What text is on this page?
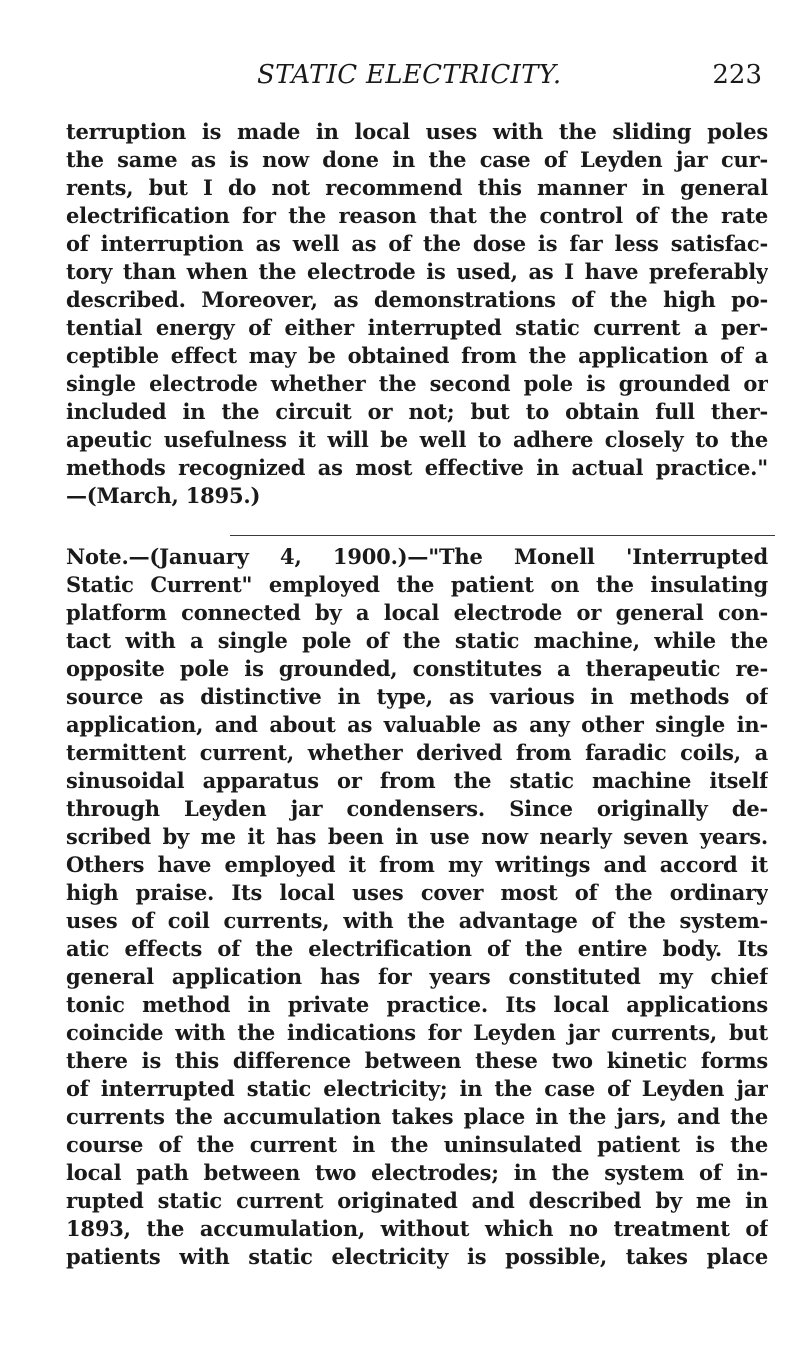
STATIC ELECTRICITY.	223
terruption is made in local uses with the sliding poles
the same as is now done in the case of Leyden jar cur-
rents, but I do not recommend this manner in general
electrification for the reason that the control of the rate
of interruption as well as of the dose is far less satisfac-
tory than when the electrode is used, as I have preferably
described. Moreover, as demonstrations of the high po-
tential energy of either interrupted static current a per-
ceptible effect may be obtained from the application of a
single electrode whether the second pole is grounded or
included in the circuit or not; but to obtain full ther-
apeutic usefulness it will be well to adhere closely to the
methods recognized as most effective in actual practice."
—(March, 1895.)
Note.—(January 4, 1900.)—"The Monell 'Interrupted
Static Current" employed the patient on the insulating
platform connected by a local electrode or general con-
tact with a single pole of the static machine, while the
opposite pole is grounded, constitutes a therapeutic re-
source as distinctive in type, as various in methods of
application, and about as valuable as any other single in-
termittent current, whether derived from faradic coils, a
sinusoidal apparatus or from the static machine itself
through Leyden jar condensers. Since originally de-
scribed by me it has been in use now nearly seven years.
Others have employed it from my writings and accord it
high praise. Its local uses cover most of the ordinary
uses of coil currents, with the advantage of the system-
atic effects of the electrification of the entire body. Its
general application has for years constituted my chief
tonic method in private practice. Its local applications
coincide with the indications for Leyden jar currents, but
there is this difference between these two kinetic forms
of interrupted static electricity; in the case of Leyden jar
currents the accumulation takes place in the jars, and the
course of the current in the uninsulated patient is the
local path between two electrodes; in the system of in-
rupted static current originated and described by me in
1893, the accumulation, without which no treatment of
patients with static electricity is possible, takes place
